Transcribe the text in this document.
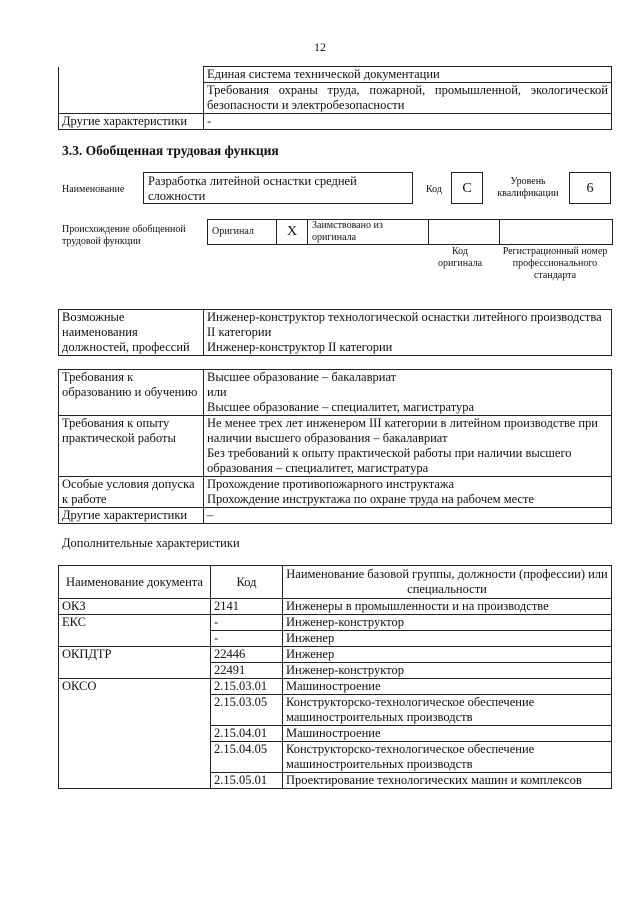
12
	Единая система технической документации
	Требования охраны труда, пожарной, промышленной, экологической безопасности и электробезопасности
Другие характеристики	-
3.3. Обобщенная трудовая функция
Наименование
Разработка литейной оснастки средней сложности	Код	C	Уровень квалификации	6
Происхождение обобщенной трудовой функции
Оригинал	X	Заимствовано из оригинала		
Код оригинала
Регистрационный номер профессионального стандарта
Возможные наименования должностей, профессий	Инженер-конструктор технологической оснастки литейного производства II категории
Инженер-конструктор II категории
Требования к образованию и обучению	Высшее образование – бакалавриат
или
Высшее образование – специалитет, магистратура
Требования к опыту практической работы	Не менее трех лет инженером III категории в литейном производстве при наличии высшего образования – бакалавриат
Без требований к опыту практической работы при наличии высшего образования – специалитет, магистратура
Особые условия допуска к работе	Прохождение противопожарного инструктажа
Прохождение инструктажа по охране труда на рабочем месте
Другие характеристики	–
Дополнительные характеристики
Наименование документа	Код	Наименование базовой группы, должности (профессии) или специальности
ОКЗ	2141	Инженеры в промышленности и на производстве
ЕКС	-	Инженер-конструктор
	-	Инженер
ОКПДТР	22446	Инженер
	22491	Инженер-конструктор
ОКСО	2.15.03.01	Машиностроение
	2.15.03.05	Конструкторско-технологическое обеспечение машиностроительных производств
	2.15.04.01	Машиностроение
	2.15.04.05	Конструкторско-технологическое обеспечение машиностроительных производств
	2.15.05.01	Проектирование технологических машин и комплексов
